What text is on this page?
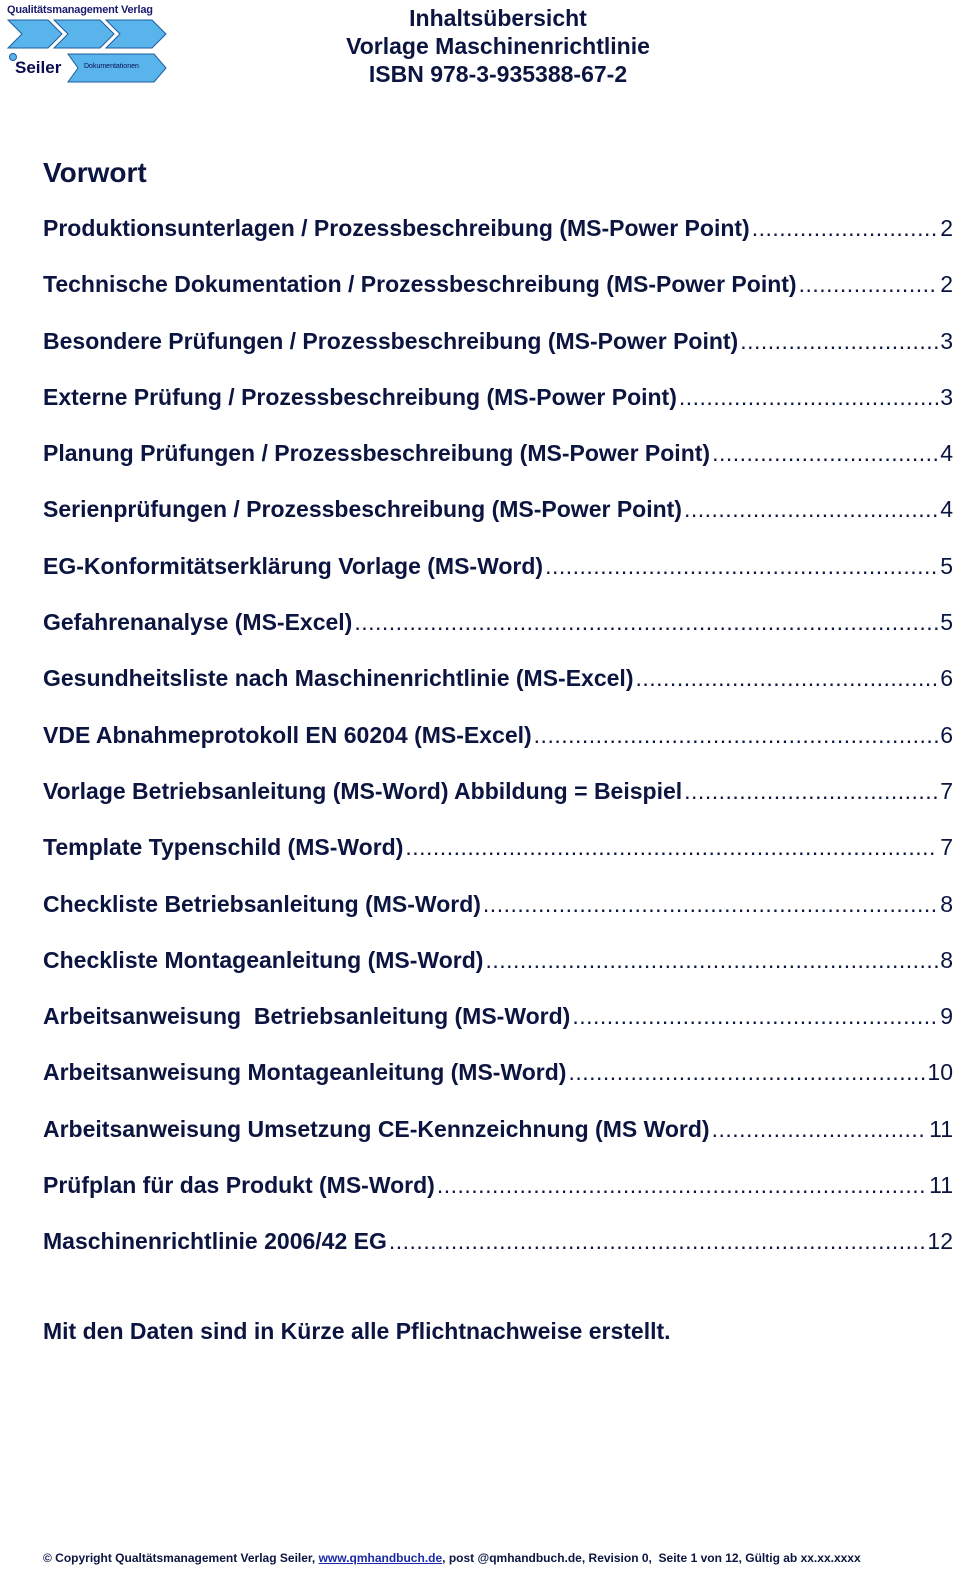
Qualitätsmanagement Verlag
Seiler	Dokumentationen
Inhaltsübersicht
Vorlage Maschinenrichtlinie
ISBN 978-3-935388-67-2
Vorwort
Produktionsunterlagen / Prozessbeschreibung (MS-Power Point) .....	2
Technische Dokumentation / Prozessbeschreibung (MS-Power Point) .....	2
Besondere Prüfungen / Prozessbeschreibung (MS-Power Point) .....	3
Externe Prüfung / Prozessbeschreibung (MS-Power Point) .....	3
Planung Prüfungen / Prozessbeschreibung (MS-Power Point) .....	4
Serienprüfungen / Prozessbeschreibung (MS-Power Point) .....	4
EG-Konformitätserklärung Vorlage (MS-Word) .....	5
Gefahrenanalyse (MS-Excel) .....	5
Gesundheitsliste nach Maschinenrichtlinie (MS-Excel) .....	6
VDE Abnahmeprotokoll EN 60204 (MS-Excel) .....	6
Vorlage Betriebsanleitung (MS-Word) Abbildung = Beispiel .....	7
Template Typenschild (MS-Word) .....	7
Checkliste Betriebsanleitung (MS-Word) .....	8
Checkliste Montageanleitung (MS-Word) .....	8
Arbeitsanweisung  Betriebsanleitung (MS-Word) .....	9
Arbeitsanweisung Montageanleitung (MS-Word) .....	10
Arbeitsanweisung Umsetzung CE-Kennzeichnung (MS Word) .....	11
Prüfplan für das Produkt (MS-Word) .....	11
Maschinenrichtlinie 2006/42 EG .....	12
Mit den Daten sind in Kürze alle Pflichtnachweise erstellt.
© Copyright Qualtätsmanagement Verlag Seiler, www.qmhandbuch.de, post @qmhandbuch.de, Revision 0,  Seite 1 von 12, Gültig ab xx.xx.xxxx
